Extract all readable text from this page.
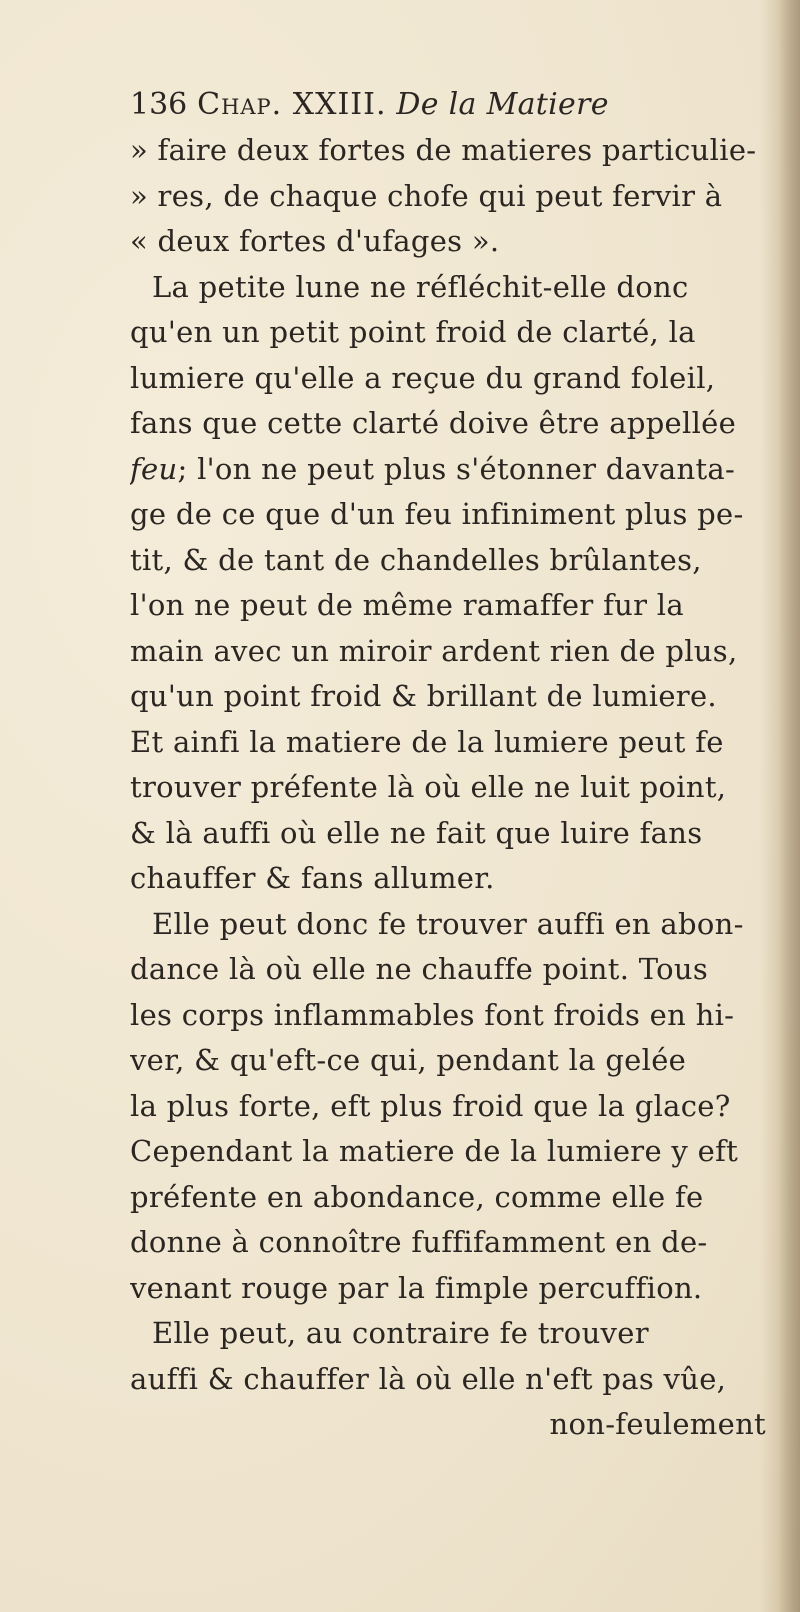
136 Chap. XXIII. De la Matiere
» faire deux fortes de matieres particulie-
» res, de chaque chofe qui peut fervir à
« deux fortes d'ufages ».
La petite lune ne réfléchit-elle donc
qu'en un petit point froid de clarté, la
lumiere qu'elle a reçue du grand foleil,
fans que cette clarté doive être appellée
feu; l'on ne peut plus s'étonner davanta-
ge de ce que d'un feu infiniment plus pe-
tit, & de tant de chandelles brûlantes,
l'on ne peut de même ramaffer fur la
main avec un miroir ardent rien de plus,
qu'un point froid & brillant de lumiere.
Et ainfi la matiere de la lumiere peut fe
trouver préfente là où elle ne luit point,
& là auffi où elle ne fait que luire fans
chauffer & fans allumer.
Elle peut donc fe trouver auffi en abon-
dance là où elle ne chauffe point. Tous
les corps inflammables font froids en hi-
ver, & qu'eft-ce qui, pendant la gelée
la plus forte, eft plus froid que la glace?
Cependant la matiere de la lumiere y eft
préfente en abondance, comme elle fe
donne à connoître fuffifamment en de-
venant rouge par la fimple percuffion.
Elle peut, au contraire fe trouver
auffi & chauffer là où elle n'eft pas vûe,
non-feulement
